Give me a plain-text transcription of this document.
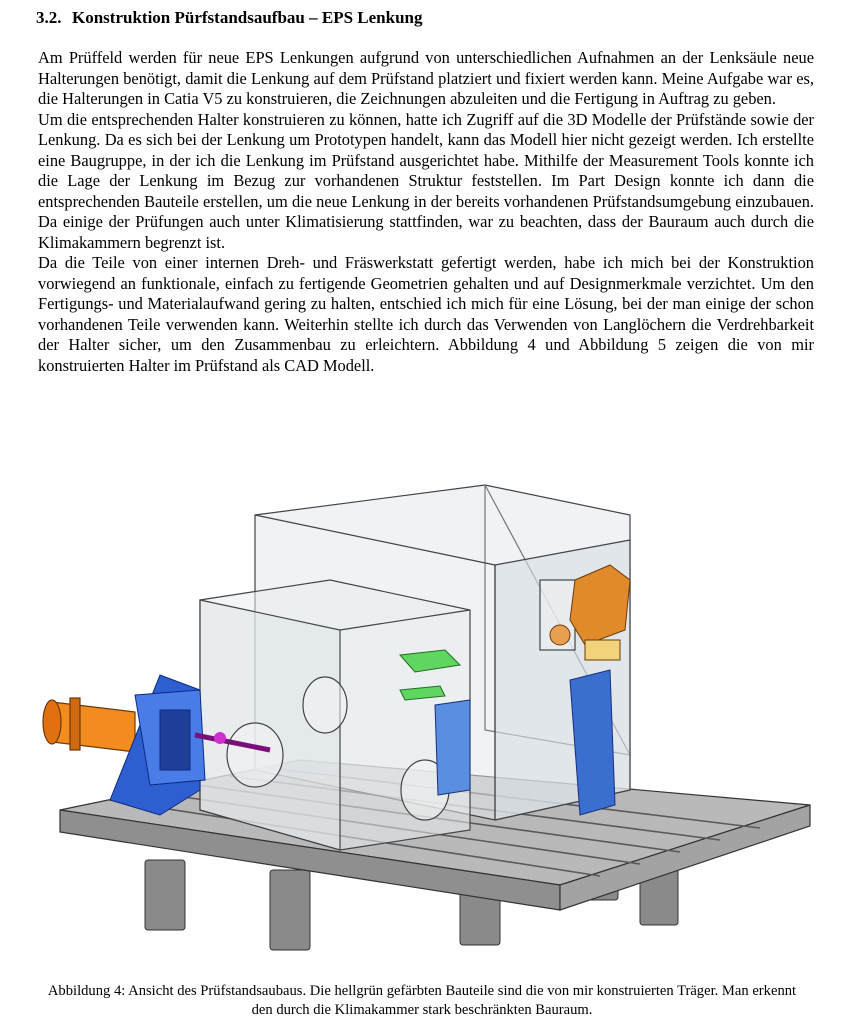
3.2. Konstruktion Pürfstandsaufbau – EPS Lenkung

Am Prüffeld werden für neue EPS Lenkungen aufgrund von unterschiedlichen Aufnahmen an der Lenksäule neue Halterungen benötigt, damit die Lenkung auf dem Prüfstand platziert und fixiert werden kann. Meine Aufgabe war es, die Halterungen in Catia V5 zu konstruieren, die Zeichnungen abzuleiten und die Fertigung in Auftrag zu geben.

Um die entsprechenden Halter konstruieren zu können, hatte ich Zugriff auf die 3D Modelle der Prüfstände sowie der Lenkung. Da es sich bei der Lenkung um Prototypen handelt, kann das Modell hier nicht gezeigt werden. Ich erstellte eine Baugruppe, in der ich die Lenkung im Prüfstand ausgerichtet habe. Mithilfe der Measurement Tools konnte ich die Lage der Lenkung im Bezug zur vorhandenen Struktur feststellen. Im Part Design konnte ich dann die entsprechenden Bauteile erstellen, um die neue Lenkung in der bereits vorhandenen Prüfstandsumgebung einzubauen. Da einige der Prüfungen auch unter Klimatisierung stattfinden, war zu beachten, dass der Bauraum auch durch die Klimakammern begrenzt ist.

Da die Teile von einer internen Dreh- und Fräswerkstatt gefertigt werden, habe ich mich bei der Konstruktion vorwiegend an funktionale, einfach zu fertigende Geometrien gehalten und auf Designmerkmale verzichtet. Um den Fertigungs- und Materialaufwand gering zu halten, entschied ich mich für eine Lösung, bei der man einige der schon vorhandenen Teile verwenden kann. Weiterhin stellte ich durch das Verwenden von Langlöchern die Verdrehbarkeit der Halter sicher, um den Zusammenbau zu erleichtern. Abbildung 4 und Abbildung 5 zeigen die von mir konstruierten Halter im Prüfstand als CAD Modell.

Abbildung 4: Ansicht des Prüfstandsaubaus. Die hellgrün gefärbten Bauteile sind die von mir konstruierten Träger. Man erkennt den durch die Klimakammer stark beschränkten Bauraum.
